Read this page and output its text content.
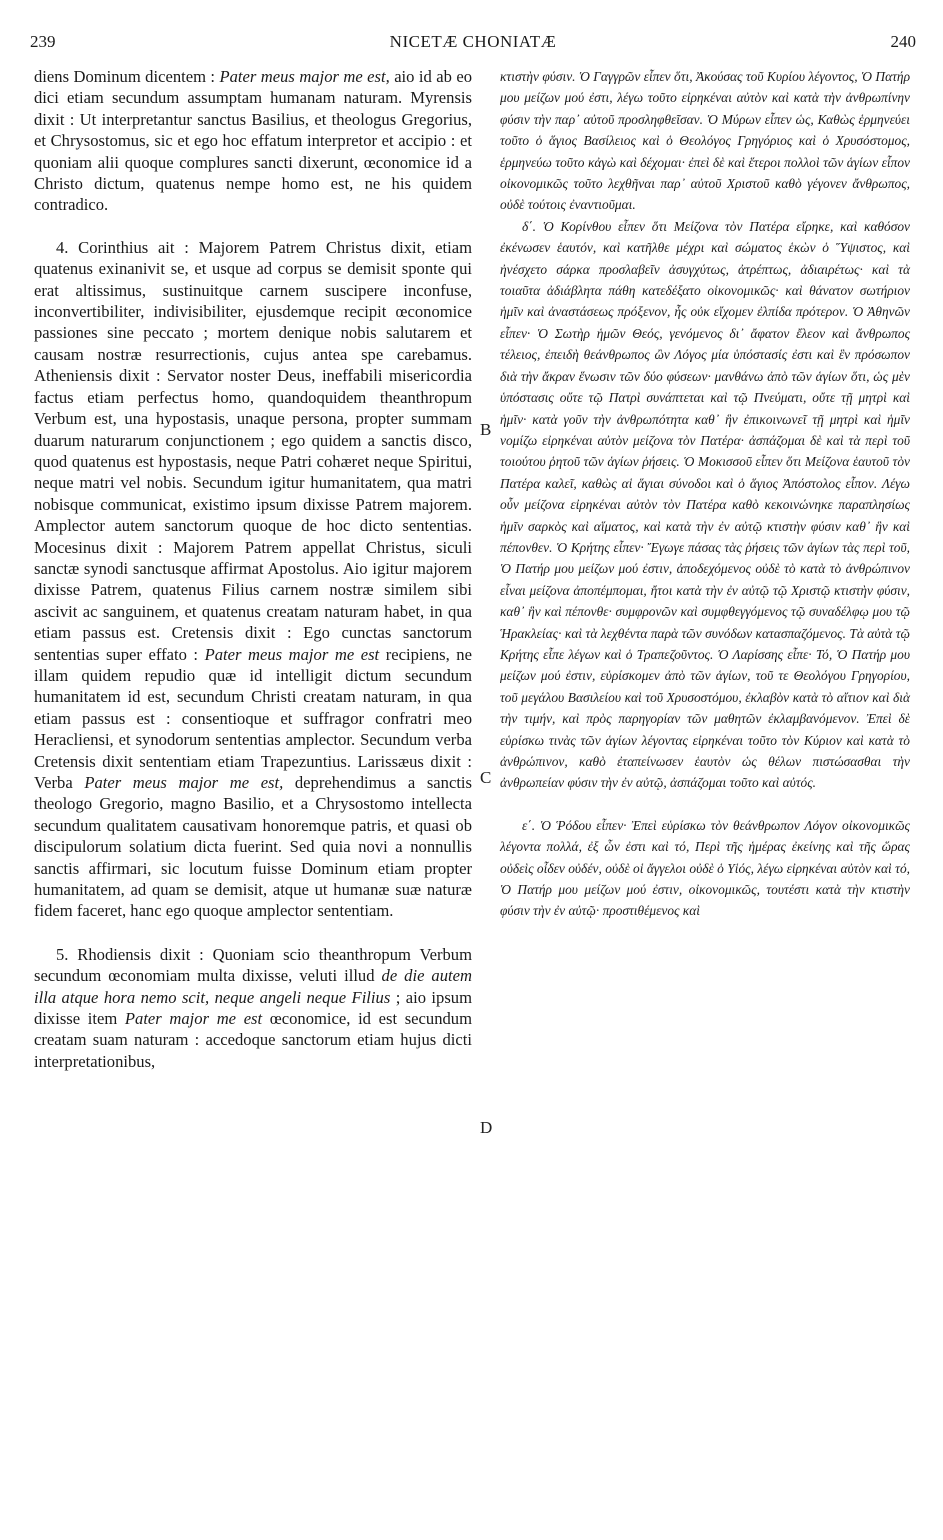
239	NICETÆ CHONIATÆ	240

diens Dominum dicentem : Pater meus major me est, aio id ab eo dici etiam secundum assumptam humanam naturam. Myrensis dixit : Ut interpretantur sanctus Basilius, et theologus Gregorius, et Chrysostomus, sic et ego hoc effatum interpretor et accipio : et quoniam alii quoque complures sancti dixerunt, œconomice id a Christo dictum, quatenus nempe homo est, ne his quidem contradico.

4. Corinthius ait : Majorem Patrem Christus dixit, etiam quatenus exinanivit se, et usque ad corpus se demisit sponte qui erat altissimus, sustinuitque carnem suscipere inconfuse, inconvertibiliter, indivisibiliter, ejusdemque recipit œconomice passiones sine peccato ; mortem denique nobis salutarem et causam nostræ resurrectionis, cujus antea spe carebamus. Atheniensis dixit : Servator noster Deus, ineffabili misericordia factus etiam perfectus homo, quandoquidem theanthropum Verbum est, una hypostasis, unaque persona, propter summam duarum naturarum conjunctionem ; ego quidem a sanctis disco, quod quatenus est hypostasis, neque Patri cohæret neque Spiritui, neque matri vel nobis. Secundum igitur humanitatem, qua matri nobisque communicat, existimo ipsum dixisse Patrem majorem. Amplector autem sanctorum quoque de hoc dicto sententias. Mocesinus dixit : Majorem Patrem appellat Christus, siculi sanctæ synodi sanctusque affirmat Apostolus. Aio igitur majorem dixisse Patrem, quatenus Filius carnem nostræ similem sibi ascivit ac sanguinem, et quatenus creatam naturam habet, in qua etiam passus est. Cretensis dixit : Ego cunctas sanctorum sententias super effato : Pater meus major me est recipiens, ne illam quidem repudio quæ id intelligit dictum secundum humanitatem id est, secundum Christi creatam naturam, in qua etiam passus est : consentioque et suffragor confratri meo Heracliensi, et synodorum sententias amplector. Secundum verba Cretensis dixit sententiam etiam Trapezuntius. Larissæus dixit : Verba Pater meus major me est, deprehendimus a sanctis theologo Gregorio, magno Basilio, et a Chrysostomo intellecta secundum qualitatem causativam honoremque patris, et quasi ob discipulorum solatium dicta fuerint. Sed quia novi a nonnullis sanctis affirmari, sic locutum fuisse Dominum etiam propter humanitatem, ad quam se demisit, atque ut humanæ suæ naturæ fidem faceret, hanc ego quoque amplector sententiam.

5. Rhodiensis dixit : Quoniam scio theanthropum Verbum secundum œconomiam multa dixisse, veluti illud de die autem illa atque hora nemo scit, neque angeli neque Filius ; aio ipsum dixisse item Pater major me est œconomice, id est secundum creatam suam naturam : accedoque sanctorum etiam hujus dicti interpretationibus,

B
C
D

κτιστὴν φύσιν. Ὁ Γαγγρῶν εἶπεν ὅτι, Ἀκούσας τοῦ Κυρίου λέγοντος, Ὁ Πατήρ μου μείζων μού ἐστι, λέγω τοῦτο εἰρηκέναι αὐτὸν καὶ κατὰ τὴν ἀνθρωπίνην φύσιν τὴν παρ᾽ αὐτοῦ προσληφθεῖσαν. Ὁ Μύρων εἶπεν ὡς, Καθὼς ἑρμηνεύει τοῦτο ὁ ἅγιος Βασίλειος καὶ ὁ Θεολόγος Γρηγόριος καὶ ὁ Χρυσόστομος, ἑρμηνεύω τοῦτο κἀγὼ καὶ δέχομαι· ἐπεὶ δὲ καὶ ἕτεροι πολλοὶ τῶν ἁγίων εἶπον οἰκονομικῶς τοῦτο λεχθῆναι παρ᾽ αὐτοῦ Χριστοῦ καθὸ γέγονεν ἄνθρωπος, οὐδὲ τούτοις ἐναντιοῦμαι.

δ΄. Ὁ Κορίνθου εἶπεν ὅτι Μείζονα τὸν Πατέρα εἴρηκε, καὶ καθόσον ἐκένωσεν ἑαυτόν, καὶ κατῆλθε μέχρι καὶ σώματος ἑκὼν ὁ Ὕψιστος, καὶ ἠνέσχετο σάρκα προσλαβεῖν ἀσυγχύτως, ἀτρέπτως, ἀδιαιρέτως· καὶ τὰ τοιαῦτα ἀδιάβλητα πάθη κατεδέξατο οἰκονομικῶς· καὶ θάνατον σωτήριον ἡμῖν καὶ ἀναστάσεως πρόξενον, ἧς οὐκ εἴχομεν ἐλπίδα πρότερον. Ὁ Ἀθηνῶν εἶπεν· Ὁ Σωτὴρ ἡμῶν Θεός, γενόμενος δι᾽ ἄφατον ἔλεον καὶ ἄνθρωπος τέλειος, ἐπειδὴ θεάνθρωπος ὢν Λόγος μία ὑπόστασίς ἐστι καὶ ἓν πρόσωπον διὰ τὴν ἄκραν ἕνωσιν τῶν δύο φύσεων· μανθάνω ἀπὸ τῶν ἁγίων ὅτι, ὡς μὲν ὑπόστασις οὔτε τῷ Πατρὶ συνάπτεται καὶ τῷ Πνεύματι, οὔτε τῇ μητρὶ καὶ ἡμῖν· κατὰ γοῦν τὴν ἀνθρωπότητα καθ᾽ ἣν ἐπικοινωνεῖ τῇ μητρὶ καὶ ἡμῖν νομίζω εἰρηκέναι αὐτὸν μείζονα τὸν Πατέρα· ἀσπάζομαι δὲ καὶ τὰ περὶ τοῦ τοιούτου ῥητοῦ τῶν ἁγίων ῥήσεις. Ὁ Μοκισσοῦ εἶπεν ὅτι Μείζονα ἑαυτοῦ τὸν Πατέρα καλεῖ, καθὼς αἱ ἅγιαι σύνοδοι καὶ ὁ ἅγιος Ἀπόστολος εἶπον. Λέγω οὖν μείζονα εἰρηκέναι αὐτὸν τὸν Πατέρα καθὸ κεκοινώνηκε παραπλησίως ἡμῖν σαρκὸς καὶ αἵματος, καὶ κατὰ τὴν ἐν αὐτῷ κτιστὴν φύσιν καθ᾽ ἣν καὶ πέπονθεν. Ὁ Κρήτης εἶπεν· Ἔγωγε πάσας τὰς ῥήσεις τῶν ἁγίων τὰς περὶ τοῦ, Ὁ Πατήρ μου μείζων μού ἐστιν, ἀποδεχόμενος οὐδὲ τὸ κατὰ τὸ ἀνθρώπινον εἶναι μείζονα ἀποπέμπομαι, ἤτοι κατὰ τὴν ἐν αὐτῷ τῷ Χριστῷ κτιστὴν φύσιν, καθ᾽ ἣν καὶ πέπονθε· συμφρονῶν καὶ συμφθεγγόμενος τῷ συναδέλφῳ μου τῷ Ἡρακλείας· καὶ τὰ λεχθέντα παρὰ τῶν συνόδων κατασπαζόμενος. Τὰ αὐτὰ τῷ Κρήτης εἶπε λέγων καὶ ὁ Τραπεζοῦντος. Ὁ Λαρίσσης εἶπε· Τό, Ὁ Πατήρ μου μείζων μού ἐστιν, εὑρίσκομεν ἀπὸ τῶν ἁγίων, τοῦ τε Θεολόγου Γρηγορίου, τοῦ μεγάλου Βασιλείου καὶ τοῦ Χρυσοστόμου, ἐκλαβὸν κατὰ τὸ αἴτιον καὶ διὰ τὴν τιμήν, καὶ πρὸς παρηγορίαν τῶν μαθητῶν ἐκλαμβανόμενον. Ἐπεὶ δὲ εὑρίσκω τινὰς τῶν ἁγίων λέγοντας εἰρηκέναι τοῦτο τὸν Κύριον καὶ κατὰ τὸ ἀνθρώπινον, καθὸ ἐταπείνωσεν ἑαυτὸν ὡς θέλων πιστώσασθαι τὴν ἀνθρωπείαν φύσιν τὴν ἐν αὐτῷ, ἀσπάζομαι τοῦτο καὶ αὐτός.

ε΄. Ὁ Ῥόδου εἶπεν· Ἐπεὶ εὑρίσκω τὸν θεάνθρωπον Λόγον οἰκονομικῶς λέγοντα πολλά, ἐξ ὧν ἐστι καὶ τό, Περὶ τῆς ἡμέρας ἐκείνης καὶ τῆς ὥρας οὐδεὶς οἶδεν οὐδέν, οὐδὲ οἱ ἄγγελοι οὐδὲ ὁ Υἱός, λέγω εἰρηκέναι αὐτὸν καὶ τό, Ὁ Πατήρ μου μείζων μού ἐστιν, οἰκονομικῶς, τουτέστι κατὰ τὴν κτιστὴν φύσιν τὴν ἐν αὐτῷ· προστιθέμενος καὶ
